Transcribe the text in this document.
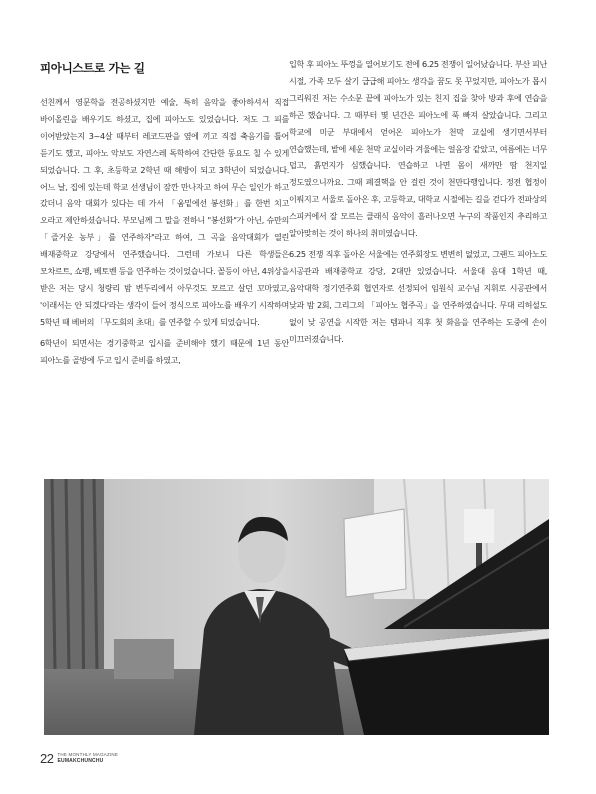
피아니스트로 가는 길

선친께서 영문학을 전공하셨지만 예술, 특히 음악을 좋아하셔서 직접 바이올린을 배우기도 하셨고, 집에 피아노도 있었습니다. 저도 그 피를 이어받았는지 3~4살 때부터 레코드판을 옆에 끼고 직접 축음기를 틀어 듣기도 했고, 피아노 악보도 자연스레 독학하여 간단한 동요도 칠 수 있게 되었습니다. 그 후, 초등학교 2학년 때 해방이 되고 3학년이 되었습니다. 어느 날, 집에 있는데 학교 선생님이 잠깐 만나자고 하여 무슨 일인가 하고 갔더니 음악 대회가 있다는 데 가서 「움밑에선 봉선화」를 한번 치고 오라고 제안하셨습니다. 부모님께 그 말을 전하니 "봉선화"가 아닌, 슈만의 「즐거운 농부」를 연주하자"라고 하여, 그 곡을 음악대회가 열린 배재중학교 강당에서 연주했습니다. 그런데 가보니 다른 학생들은 모차르트, 쇼팽, 베토벤 등을 연주하는 것이었습니다. 꼴등이 아닌, 4위상을 받은 저는 당시 청량리 밤 변두리에서 아무것도 모르고 살던 꼬마였고, '이래서는 안 되겠다'라는 생각이 들어 정식으로 피아노를 배우기 시작하며 5학년 때 베버의 「무도회의 초대」를 연주할 수 있게 되었습니다.

6학년이 되면서는 경기중학교 입시를 준비해야 했기 때문에 1년 동안 피아노를 골방에 두고 입시 준비를 하였고,

입학 후 피아노 뚜껑을 열어보기도 전에 6.25 전쟁이 일어났습니다. 부산 피난 시절, 가족 모두 살기 급급해 피아노 생각을 꿈도 못 꾸었지만, 피아노가 몹시 그리워진 저는 수소문 끝에 피아노가 있는 친지 집을 찾아 방과 후에 연습을 하곤 했습니다. 그 때부터 몇 년간은 피아노에 푹 빠져 살았습니다. 그리고 학교에 미군 부대에서 얻어온 피아노가 천막 교실에 생기면서부터 연습했는데, 밭에 세운 천막 교실이라 겨울에는 얼음장 같았고, 여름에는 너무 덥고, 흙먼지가 심했습니다. 연습하고 나면 몸이 새까만 땀 천지일 정도였으니까요. 그때 폐결핵을 안 걸린 것이 천만다행입니다. 정전 협정이 이뤄지고 서울로 돌아온 후, 고등학교, 대학교 시절에는 길을 걷다가 전파상의 스피커에서 잘 모르는 클래식 음악이 흘러나오면 누구의 작품인지 추리하고 알아맞히는 것이 하나의 취미였습니다.

6.25 전쟁 직후 돌아온 서울에는 연주회장도 변변히 없었고, 그랜드 피아노도 시공관과 배재중학교 강당, 2대만 있었습니다. 서울대 음대 1학년 때, 음악대학 정기연주회 협연자로 선정되어 임원식 교수님 지휘로 시공관에서 낮과 밤 2회, 그리그의 「피아노 협주곡」을 연주하였습니다. 무대 리허설도 없이 낮 공연을 시작한 저는 템파니 직후 첫 화음을 연주하는 도중에 손이 미끄러졌습니다.

22 THE MONTHLY MAGAZINE
EUMAKCHUNCHU
